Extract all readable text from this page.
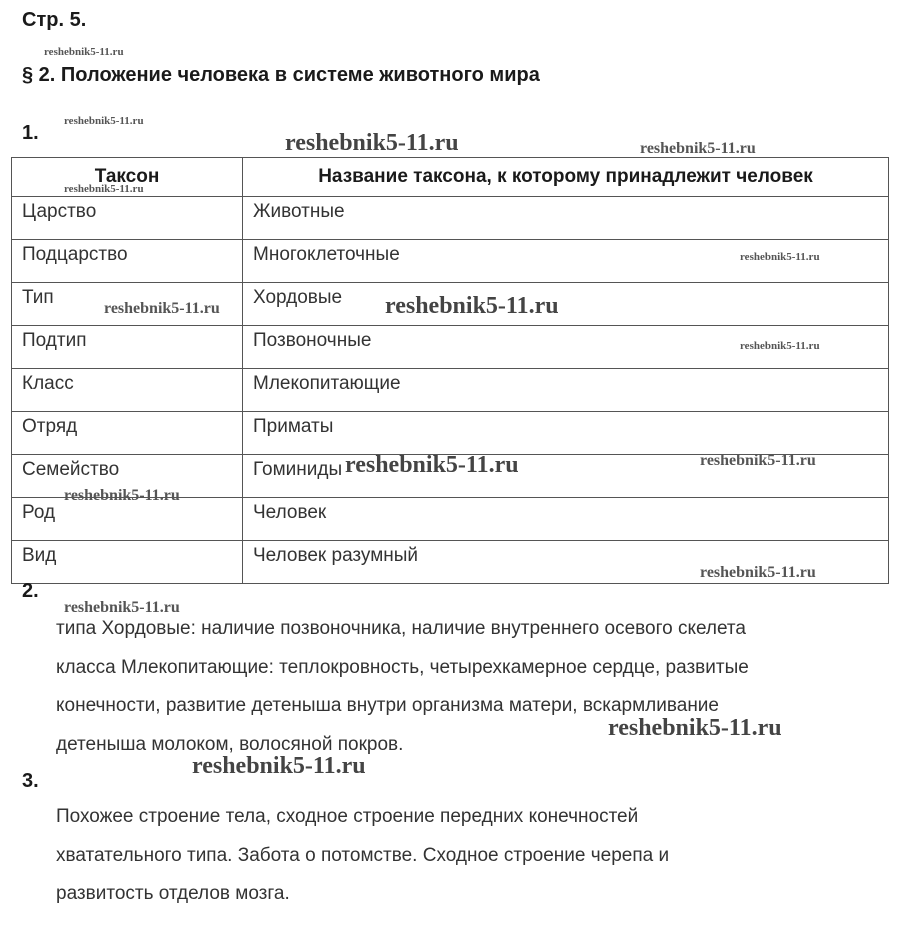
Стр. 5.
§ 2. Положение человека в системе животного мира
1.
Таксон	Название таксона, к которому принадлежит человек
Царство	Животные
Подцарство	Многоклеточные
Тип	Хордовые
Подтип	Позвоночные
Класс	Млекопитающие
Отряд	Приматы
Семейство	Гоминиды
Род	Человек
Вид	Человек разумный
2.
типа Хордовые: наличие позвоночника, наличие внутреннего осевого скелета
класса Млекопитающие: теплокровность, четырехкамерное сердце, развитые
конечности, развитие детеныша внутри организма матери, вскармливание
детеныша молоком, волосяной покров.
3.
Похожее строение тела, сходное строение передних конечностей
хватательного типа. Забота о потомстве. Сходное строение черепа и
развитость отделов мозга.
reshebnik5-11.ru
reshebnik5-11.ru
reshebnik5-11.ru	reshebnik5-11.ru
reshebnik5-11.ru
reshebnik5-11.ru
reshebnik5-11.ru	reshebnik5-11.ru
reshebnik5-11.ru
reshebnik5-11.ru	reshebnik5-11.ru
reshebnik5-11.ru
reshebnik5-11.ru
reshebnik5-11.ru
reshebnik5-11.ru
reshebnik5-11.ru
